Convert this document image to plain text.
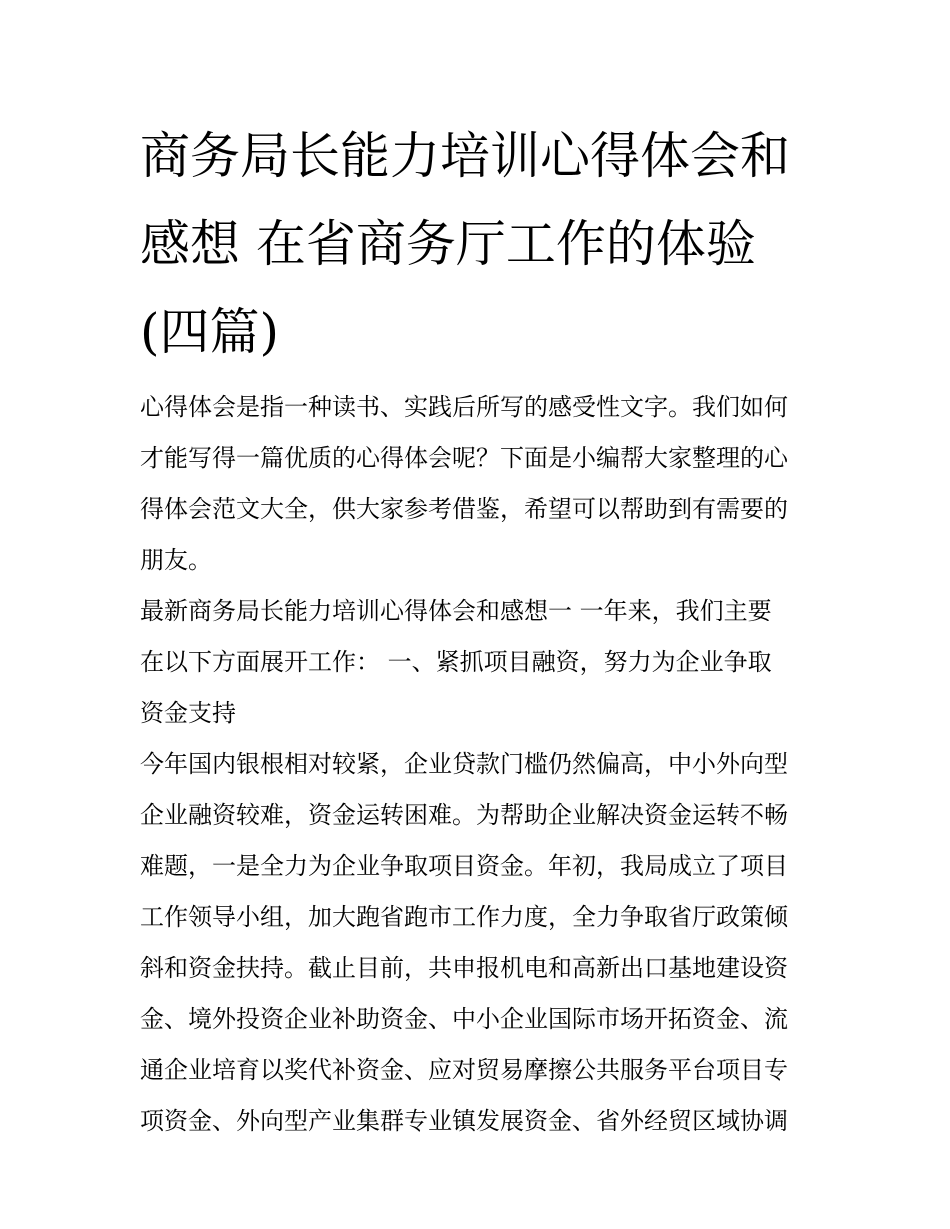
商务局长能力培训心得体会和
感想 在省商务厅工作的体验
(四篇)

心得体会是指一种读书、实践后所写的感受性文字。我们如何
才能写得一篇优质的心得体会呢？下面是小编帮大家整理的心
得体会范文大全，供大家参考借鉴，希望可以帮助到有需要的
朋友。

最新商务局长能力培训心得体会和感想一 一年来，我们主要
在以下方面展开工作： 一、紧抓项目融资，努力为企业争取
资金支持

今年国内银根相对较紧，企业贷款门槛仍然偏高，中小外向型
企业融资较难，资金运转困难。为帮助企业解决资金运转不畅
难题，一是全力为企业争取项目资金。年初，我局成立了项目
工作领导小组，加大跑省跑市工作力度，全力争取省厅政策倾
斜和资金扶持。截止目前，共申报机电和高新出口基地建设资
金、境外投资企业补助资金、中小企业国际市场开拓资金、流
通企业培育以奖代补资金、应对贸易摩擦公共服务平台项目专
项资金、外向型产业集群专业镇发展资金、省外经贸区域协调
